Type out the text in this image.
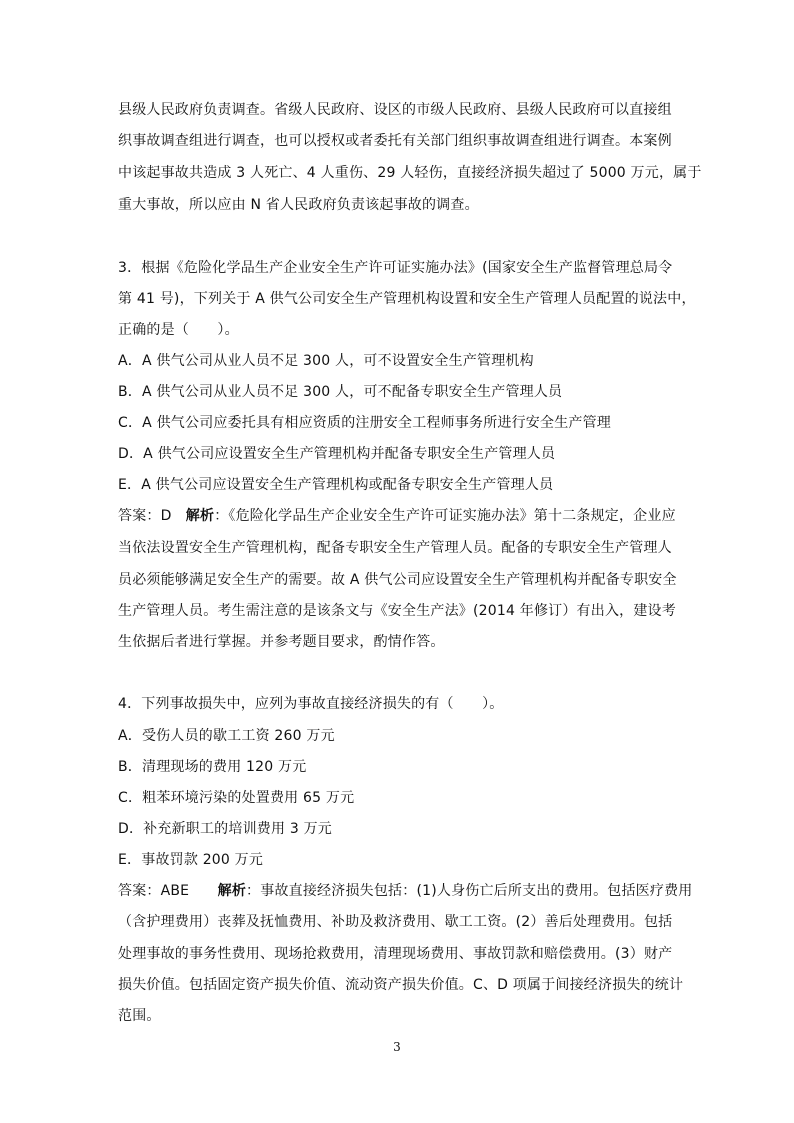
县级人民政府负责调查。省级人民政府、设区的市级人民政府、县级人民政府可以直接组
织事故调查组进行调查，也可以授权或者委托有关部门组织事故调查组进行调查。本案例
中该起事故共造成 3 人死亡、4 人重伤、29 人轻伤，直接经济损失超过了 5000 万元，属于
重大事故，所以应由 N 省人民政府负责该起事故的调查。
3．根据《危险化学品生产企业安全生产许可证实施办法》(国家安全生产监督管理总局令
第 41 号)，下列关于 A 供气公司安全生产管理机构设置和安全生产管理人员配置的说法中，
正确的是（　　）。
A．A 供气公司从业人员不足 300 人，可不设置安全生产管理机构
B．A 供气公司从业人员不足 300 人，可不配备专职安全生产管理人员
C．A 供气公司应委托具有相应资质的注册安全工程师事务所进行安全生产管理
D．A 供气公司应设置安全生产管理机构并配备专职安全生产管理人员
E．A 供气公司应设置安全生产管理机构或配备专职安全生产管理人员
答案：D　解析：《危险化学品生产企业安全生产许可证实施办法》第十二条规定，企业应
当依法设置安全生产管理机构，配备专职安全生产管理人员。配备的专职安全生产管理人
员必须能够满足安全生产的需要。故 A 供气公司应设置安全生产管理机构并配备专职安全
生产管理人员。考生需注意的是该条文与《安全生产法》(2014 年修订）有出入，建设考
生依据后者进行掌握。并参考题目要求，酌情作答。
4．下列事故损失中，应列为事故直接经济损失的有（　　）。
A．受伤人员的歇工工资 260 万元
B．清理现场的费用 120 万元
C．粗苯环境污染的处置费用 65 万元
D．补充新职工的培训费用 3 万元
E．事故罚款 200 万元
答案：ABE　　解析：事故直接经济损失包括：(1)人身伤亡后所支出的费用。包括医疗费用
（含护理费用）丧葬及抚恤费用、补助及救济费用、歇工工资。(2）善后处理费用。包括
处理事故的事务性费用、现场抢救费用，清理现场费用、事故罚款和赔偿费用。(3）财产
损失价值。包括固定资产损失价值、流动资产损失价值。C、D 项属于间接经济损失的统计
范围。
3
